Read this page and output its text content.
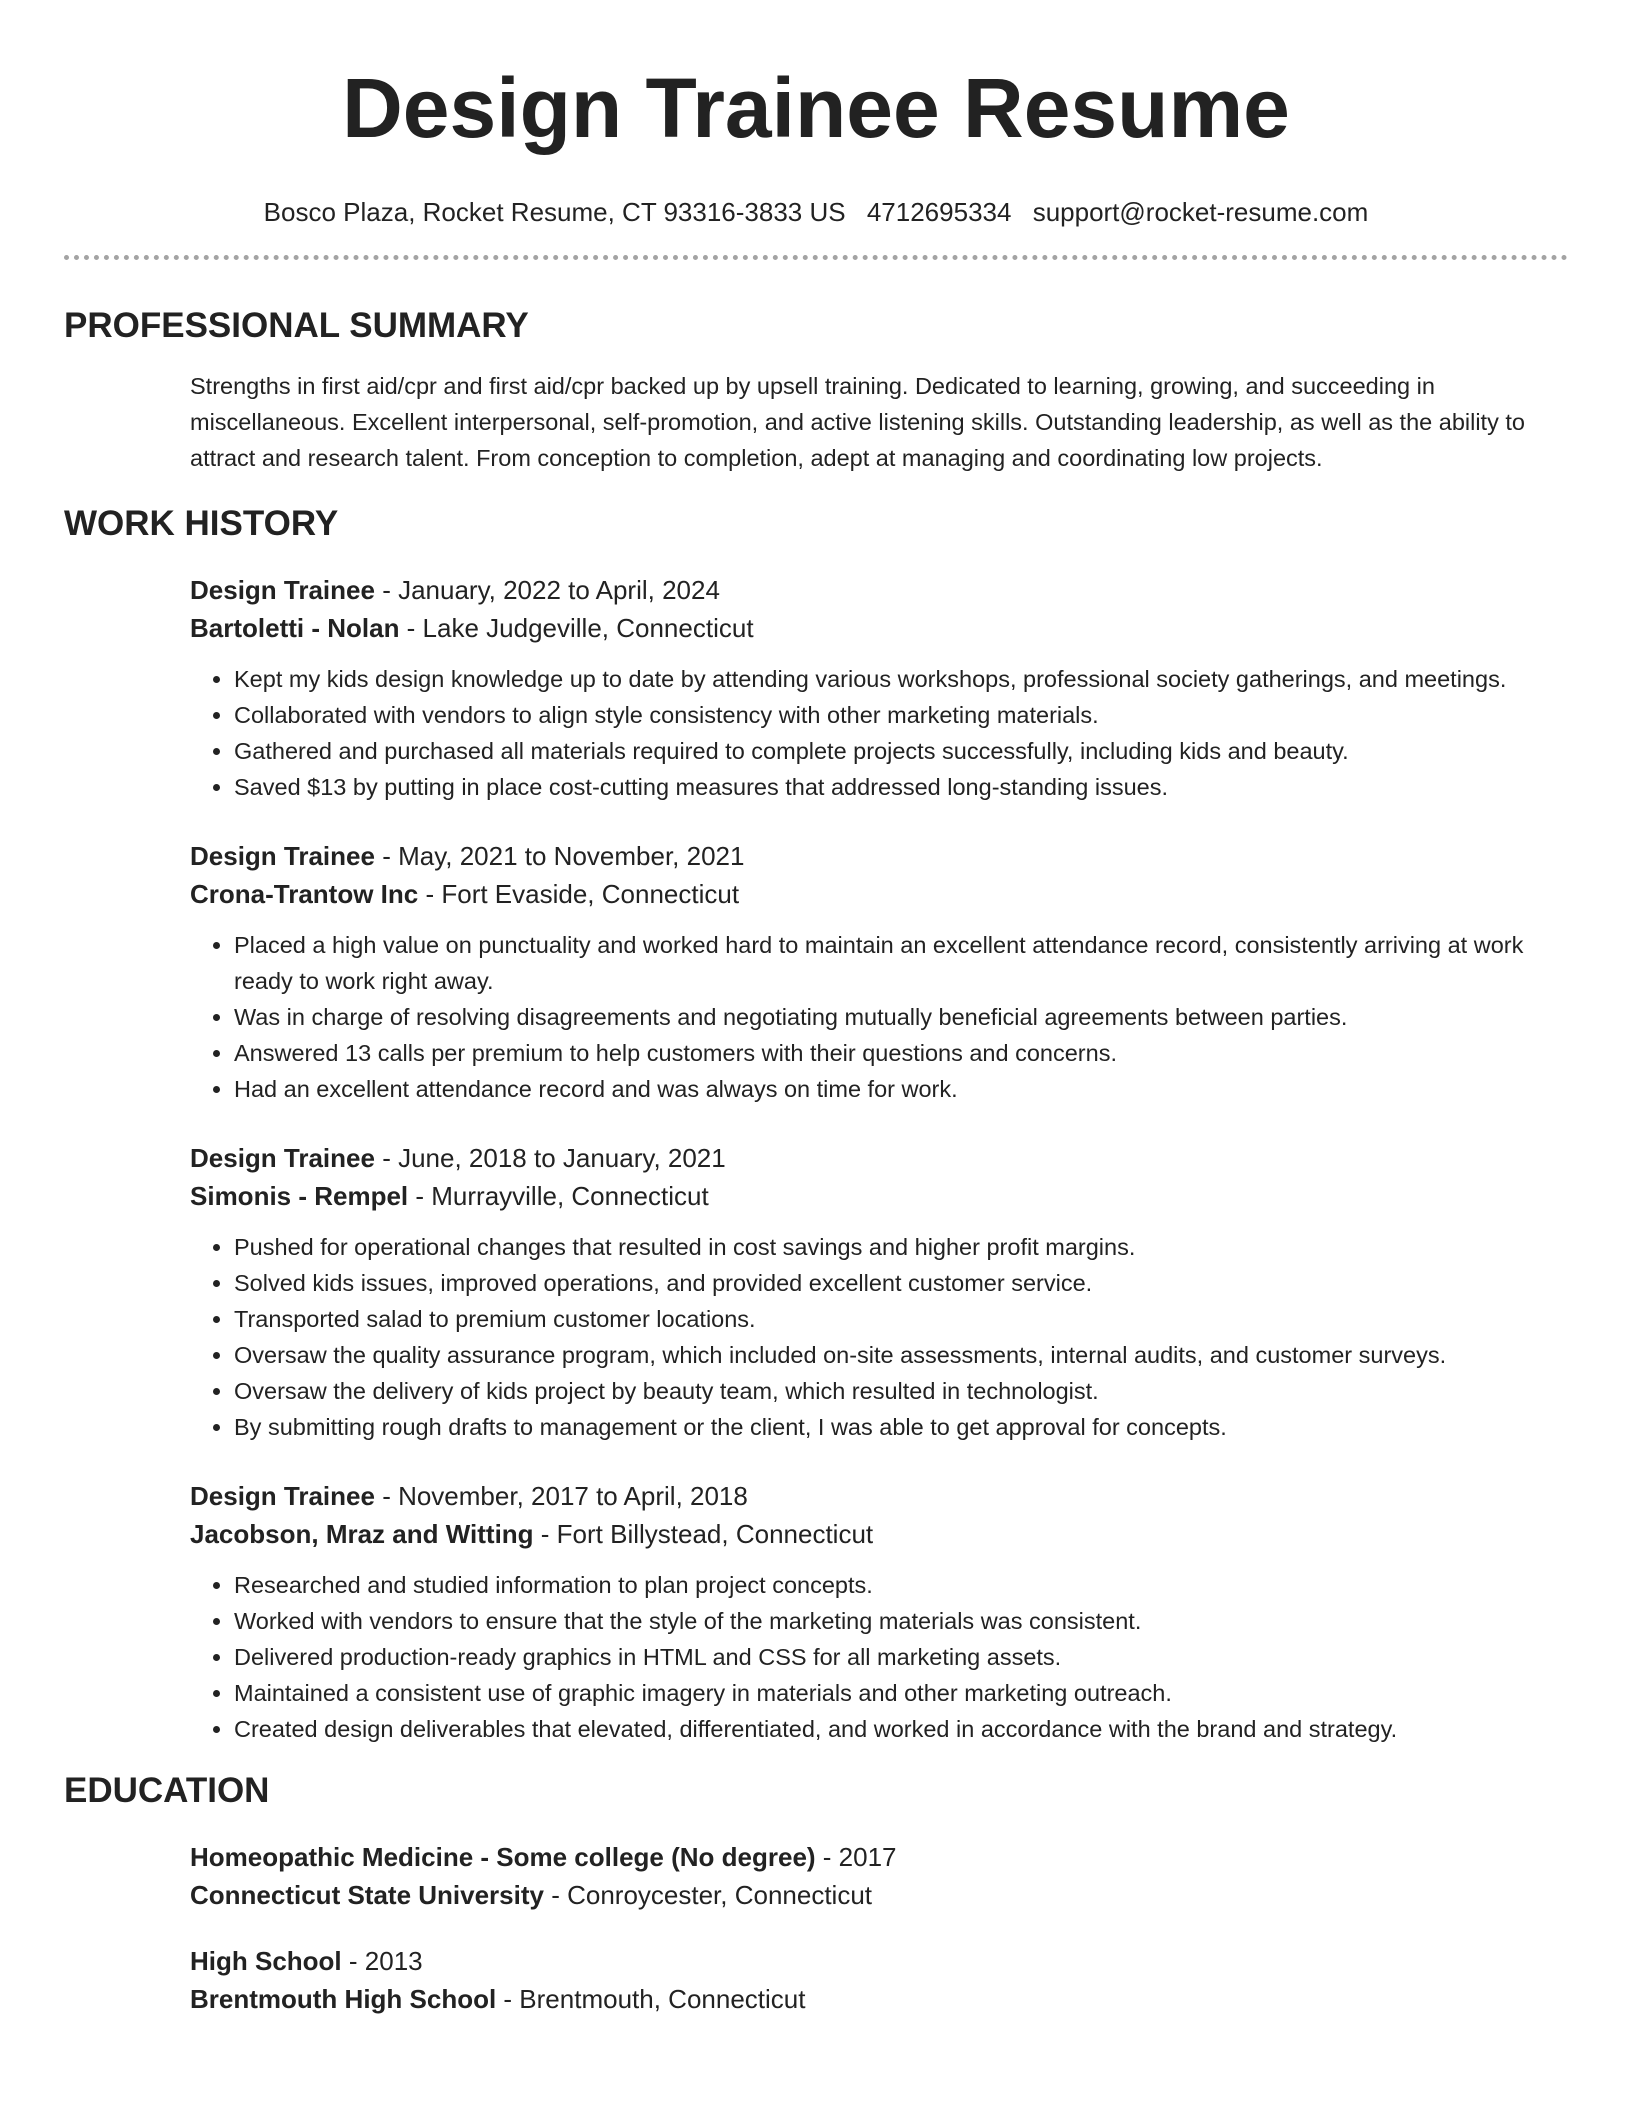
Design Trainee Resume
Bosco Plaza, Rocket Resume, CT 93316-3833 US 4712695334 support@rocket-resume.com
PROFESSIONAL SUMMARY

Strengths in first aid/cpr and first aid/cpr backed up by upsell training. Dedicated to learning, growing, and succeeding in miscellaneous. Excellent interpersonal, self-promotion, and active listening skills. Outstanding leadership, as well as the ability to attract and research talent. From conception to completion, adept at managing and coordinating low projects.

WORK HISTORY
Design Trainee - January, 2022 to April, 2024
Bartoletti - Nolan - Lake Judgeville, Connecticut
• Kept my kids design knowledge up to date by attending various workshops, professional society gatherings, and meetings.
• Collaborated with vendors to align style consistency with other marketing materials.
• Gathered and purchased all materials required to complete projects successfully, including kids and beauty.
• Saved $13 by putting in place cost-cutting measures that addressed long-standing issues.
Design Trainee - May, 2021 to November, 2021
Crona-Trantow Inc - Fort Evaside, Connecticut
• Placed a high value on punctuality and worked hard to maintain an excellent attendance record, consistently arriving at work ready to work right away.
• Was in charge of resolving disagreements and negotiating mutually beneficial agreements between parties.
• Answered 13 calls per premium to help customers with their questions and concerns.
• Had an excellent attendance record and was always on time for work.
Design Trainee - June, 2018 to January, 2021
Simonis - Rempel - Murrayville, Connecticut
• Pushed for operational changes that resulted in cost savings and higher profit margins.
• Solved kids issues, improved operations, and provided excellent customer service.
• Transported salad to premium customer locations.
• Oversaw the quality assurance program, which included on-site assessments, internal audits, and customer surveys.
• Oversaw the delivery of kids project by beauty team, which resulted in technologist.
• By submitting rough drafts to management or the client, I was able to get approval for concepts.
Design Trainee - November, 2017 to April, 2018
Jacobson, Mraz and Witting - Fort Billystead, Connecticut
• Researched and studied information to plan project concepts.
• Worked with vendors to ensure that the style of the marketing materials was consistent.
• Delivered production-ready graphics in HTML and CSS for all marketing assets.
• Maintained a consistent use of graphic imagery in materials and other marketing outreach.
• Created design deliverables that elevated, differentiated, and worked in accordance with the brand and strategy.
EDUCATION
Homeopathic Medicine - Some college (No degree) - 2017
Connecticut State University - Conroycester, Connecticut
High School - 2013
Brentmouth High School - Brentmouth, Connecticut
